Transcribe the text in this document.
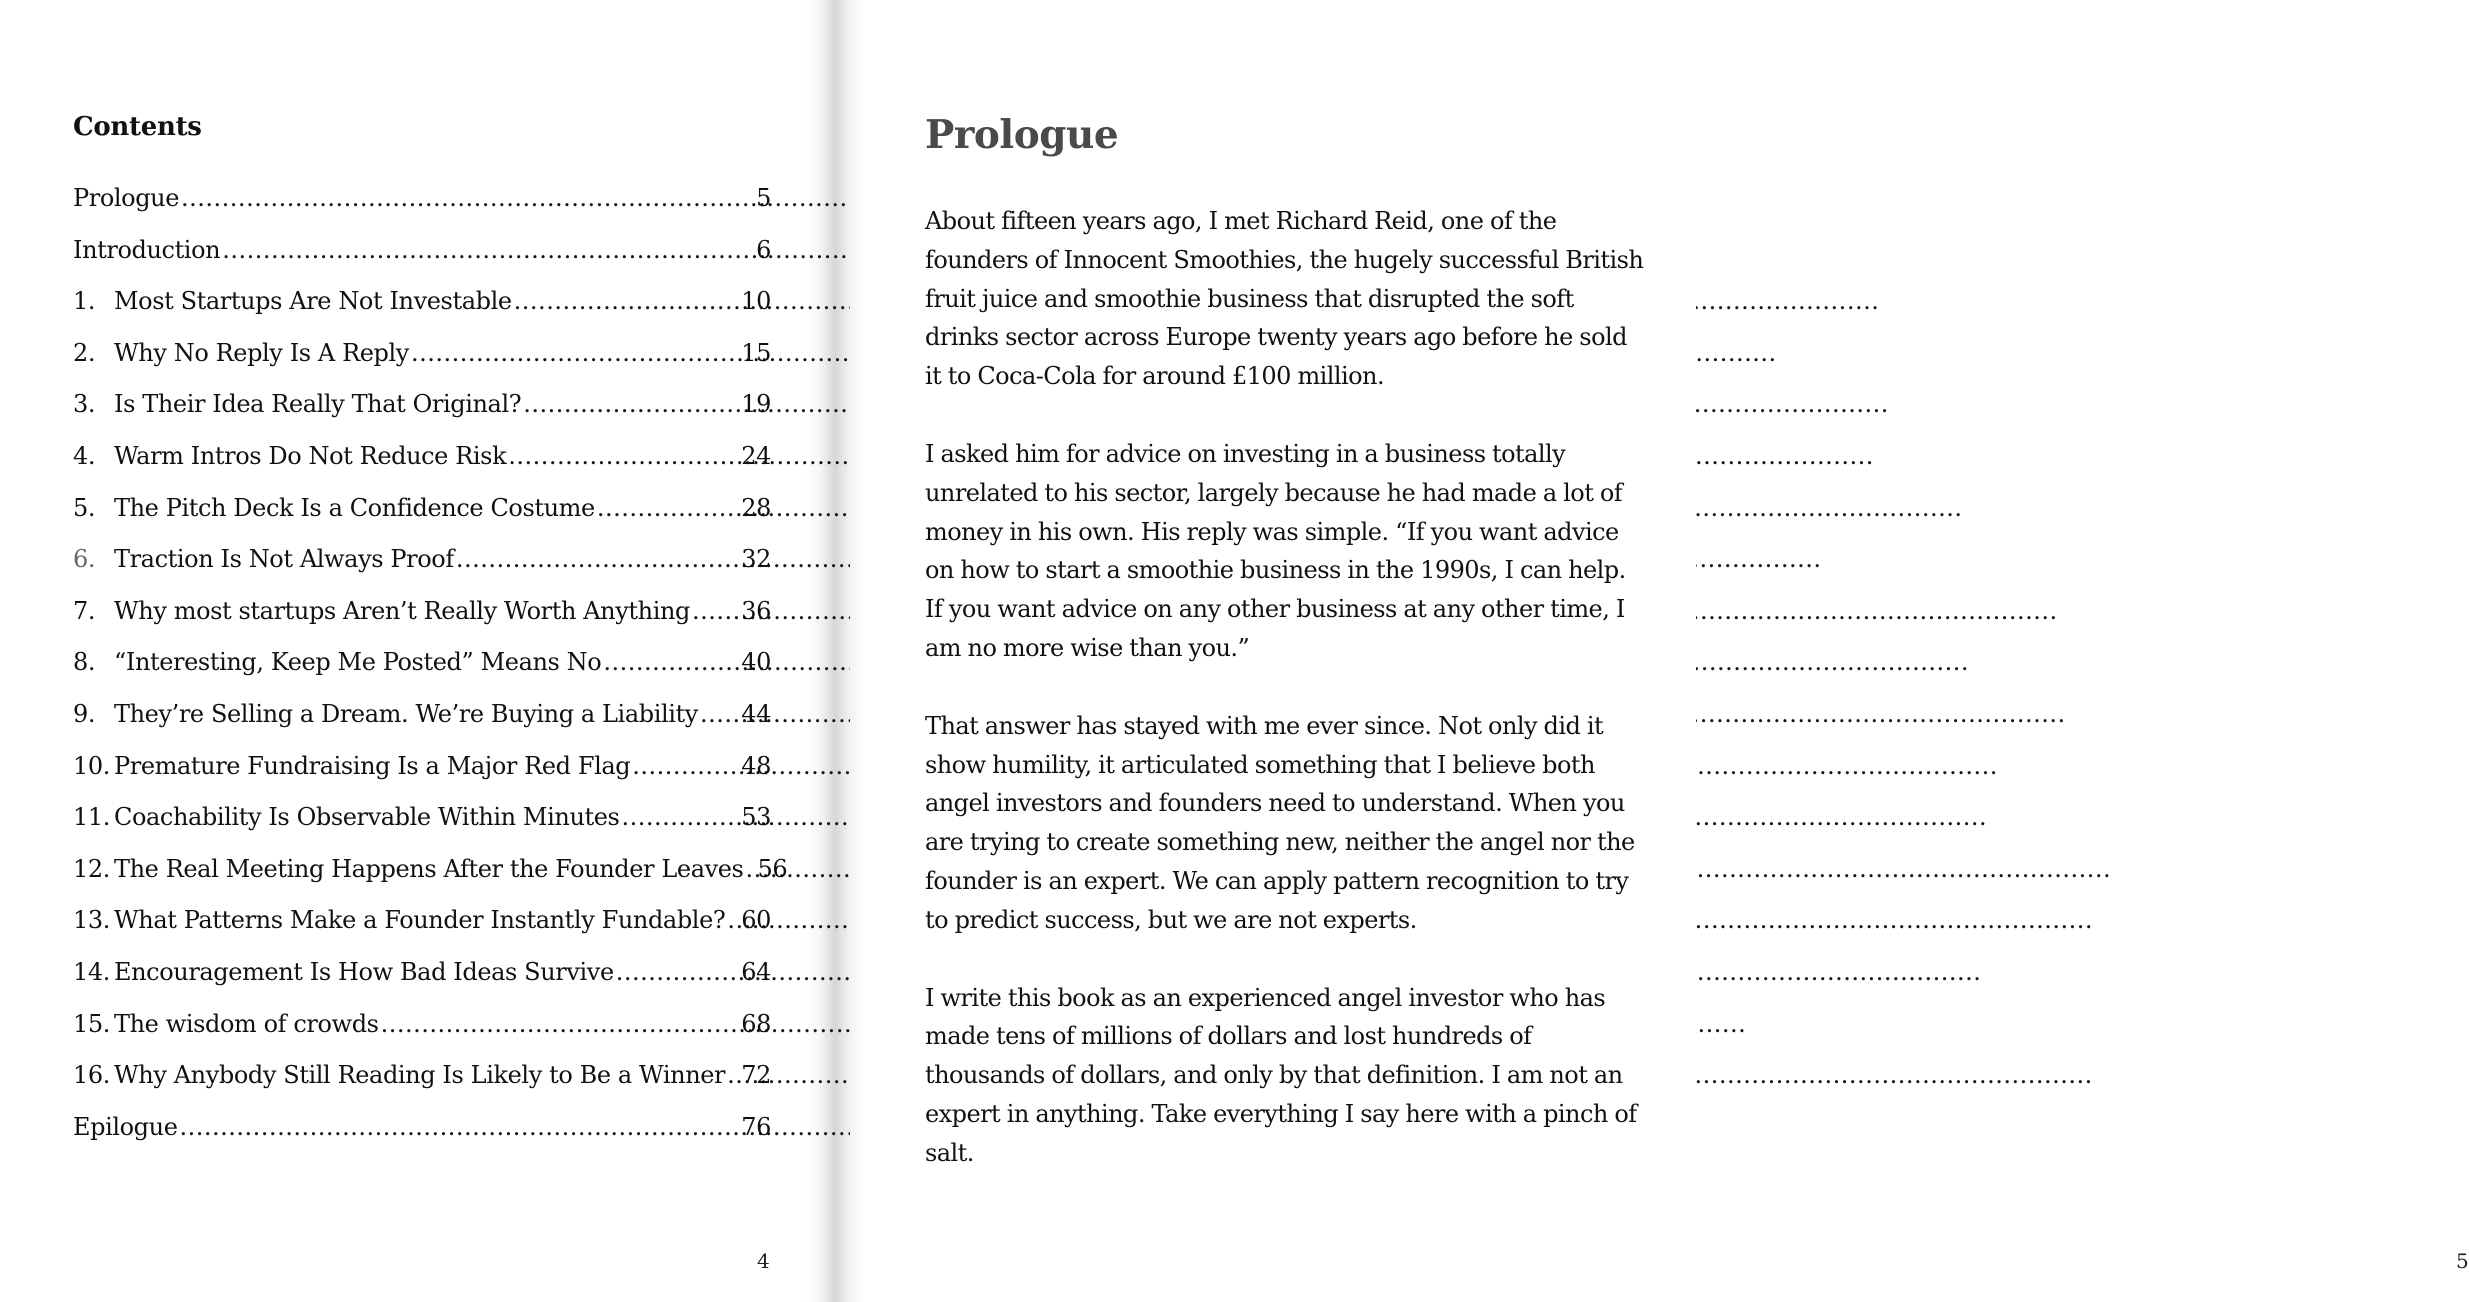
Contents
Prologue .....	5
Introduction .....	6
1. Most Startups Are Not Investable .....	10
2. Why No Reply Is A Reply .....	15
3. Is Their Idea Really That Original? .....	19
4. Warm Intros Do Not Reduce Risk .....	24
5. The Pitch Deck Is a Confidence Costume .....	28
6. Traction Is Not Always Proof .....	32
7. Why most startups Aren’t Really Worth Anything ..... 36
8. “Interesting, Keep Me Posted” Means No .....	40
9. They’re Selling a Dream. We’re Buying a Liability ..... 44
10. Premature Fundraising Is a Major Red Flag .....	48
11. Coachability Is Observable Within Minutes .....	53
12. The Real Meeting Happens After the Founder Leaves ..... 56
13. What Patterns Make a Founder Instantly Fundable? ..... 60
14. Encouragement Is How Bad Ideas Survive .....	64
15. The wisdom of crowds .....	68
16. Why Anybody Still Reading Is Likely to Be a Winner ..... 72
Epilogue .....	76
4
Prologue

About fifteen years ago, I met Richard Reid, one of the founders of Innocent Smoothies, the hugely successful British fruit juice and smoothie business that disrupted the soft drinks sector across Europe twenty years ago before he sold it to Coca-Cola for around £100 million.

I asked him for advice on investing in a business totally unrelated to his sector, largely because he had made a lot of money in his own. His reply was simple. “If you want advice on how to start a smoothie business in the 1990s, I can help. If you want advice on any other business at any other time, I am no more wise than you.”

That answer has stayed with me ever since. Not only did it show humility, it articulated something that I believe both angel investors and founders need to understand. When you are trying to create something new, neither the angel nor the founder is an expert. We can apply pattern recognition to try to predict success, but we are not experts.

I write this book as an experienced angel investor who has made tens of millions of dollars and lost hundreds of thousands of dollars, and only by that definition. I am not an expert in anything. Take everything I say here with a pinch of salt.

5
